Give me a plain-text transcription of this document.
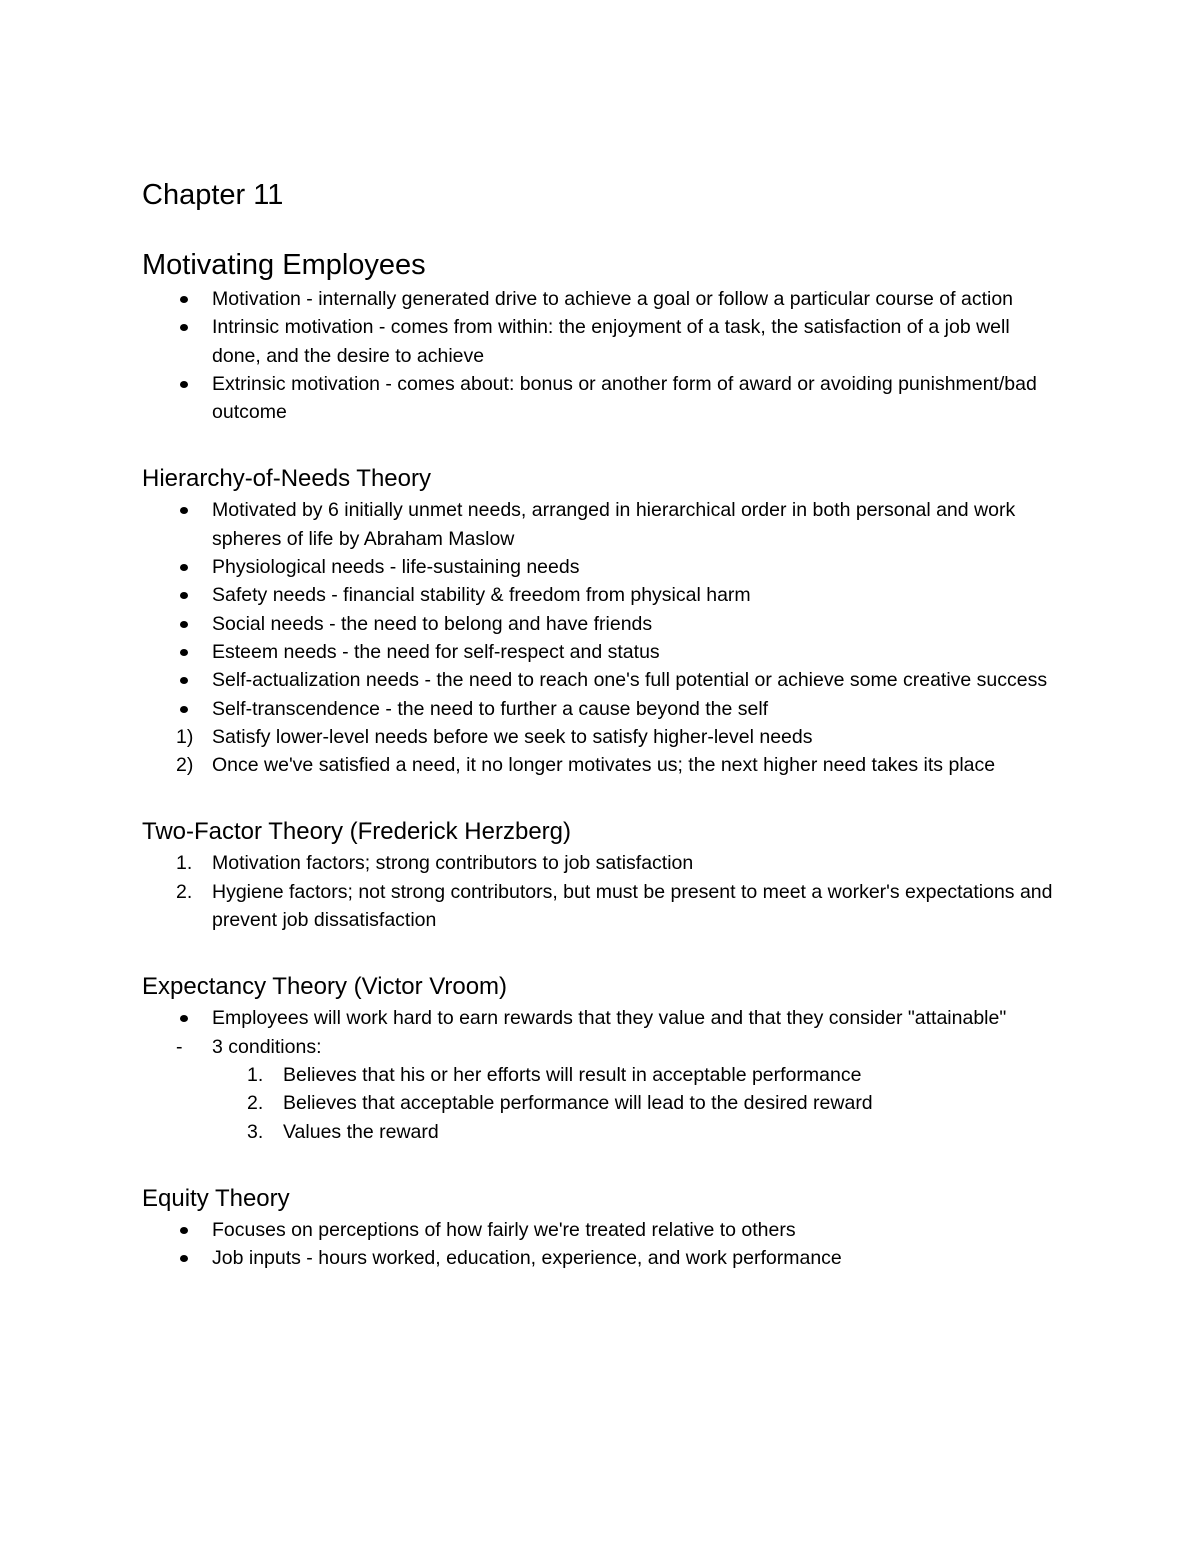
Chapter 11
Motivating Employees
Motivation - internally generated drive to achieve a goal or follow a particular course of action
Intrinsic motivation - comes from within: the enjoyment of a task, the satisfaction of a job well done, and the desire to achieve
Extrinsic motivation - comes about: bonus or another form of award or avoiding punishment/bad outcome
Hierarchy-of-Needs Theory
Motivated by 6 initially unmet needs, arranged in hierarchical order in both personal and work spheres of life by Abraham Maslow
Physiological needs - life-sustaining needs
Safety needs - financial stability & freedom from physical harm
Social needs - the need to belong and have friends
Esteem needs - the need for self-respect and status
Self-actualization needs - the need to reach one's full potential or achieve some creative success
Self-transcendence - the need to further a cause beyond the self
1) Satisfy lower-level needs before we seek to satisfy higher-level needs
2) Once we've satisfied a need, it no longer motivates us; the next higher need takes its place
Two-Factor Theory (Frederick Herzberg)
1.	Motivation factors; strong contributors to job satisfaction
2.	Hygiene factors; not strong contributors, but must be present to meet a worker's expectations and prevent job dissatisfaction
Expectancy Theory (Victor Vroom)
Employees will work hard to earn rewards that they value and that they consider "attainable"
-	3 conditions:
1.	Believes that his or her efforts will result in acceptable performance
2.	Believes that acceptable performance will lead to the desired reward
3.	Values the reward
Equity Theory
Focuses on perceptions of how fairly we're treated relative to others
Job inputs - hours worked, education, experience, and work performance
